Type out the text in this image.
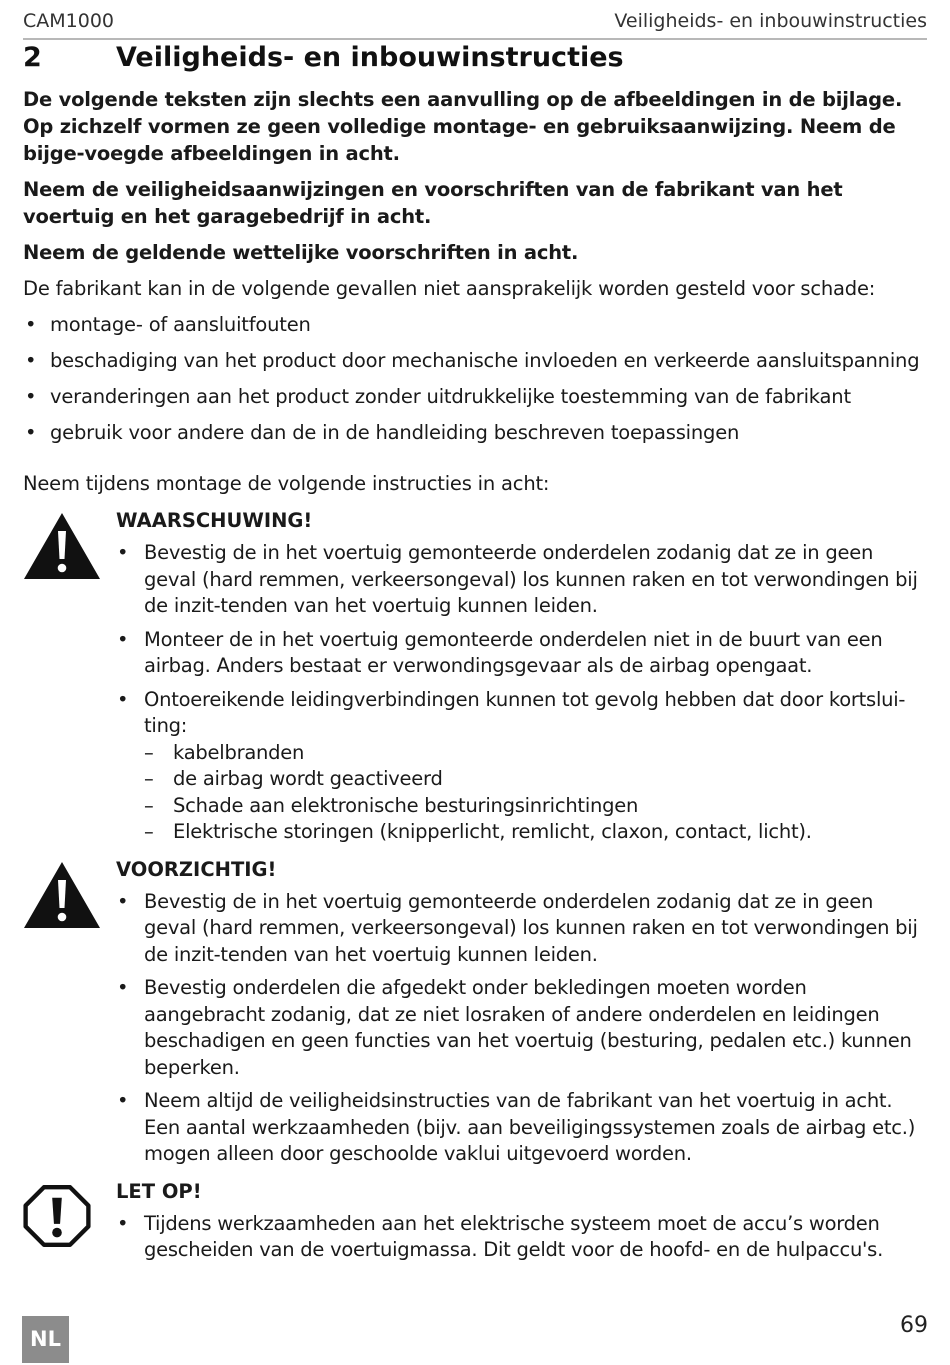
CAM1000	Veiligheids- en inbouwinstructies
2	Veiligheids- en inbouwinstructies

De volgende teksten zijn slechts een aanvulling op de afbeeldingen in de bijlage. Op zichzelf vormen ze geen volledige montage- en gebruiksaanwijzing. Neem de bijge-voegde afbeeldingen in acht.

Neem de veiligheidsaanwijzingen en voorschriften van de fabrikant van het voertuig en het garagebedrijf in acht.

Neem de geldende wettelijke voorschriften in acht.

De fabrikant kan in de volgende gevallen niet aansprakelijk worden gesteld voor schade:

• montage- of aansluitfouten
• beschadiging van het product door mechanische invloeden en verkeerde aansluitspanning
• veranderingen aan het product zonder uitdrukkelijke toestemming van de fabrikant
• gebruik voor andere dan de in de handleiding beschreven toepassingen

Neem tijdens montage de volgende instructies in acht:

WAARSCHUWING!
• Bevestig de in het voertuig gemonteerde onderdelen zodanig dat ze in geen geval (hard remmen, verkeersongeval) los kunnen raken en tot verwondingen bij de inzit-tenden van het voertuig kunnen leiden.
• Monteer de in het voertuig gemonteerde onderdelen niet in de buurt van een airbag. Anders bestaat er verwondingsgevaar als de airbag opengaat.
• Ontoereikende leidingverbindingen kunnen tot gevolg hebben dat door kortslui-ting:
– kabelbranden
– de airbag wordt geactiveerd
– Schade aan elektronische besturingsinrichtingen
– Elektrische storingen (knipperlicht, remlicht, claxon, contact, licht).
VOORZICHTIG!
• Bevestig de in het voertuig gemonteerde onderdelen zodanig dat ze in geen geval (hard remmen, verkeersongeval) los kunnen raken en tot verwondingen bij de inzit-tenden van het voertuig kunnen leiden.
• Bevestig onderdelen die afgedekt onder bekledingen moeten worden aangebracht zodanig, dat ze niet losraken of andere onderdelen en leidingen beschadigen en geen functies van het voertuig (besturing, pedalen etc.) kunnen beperken.
• Neem altijd de veiligheidsinstructies van de fabrikant van het voertuig in acht. Een aantal werkzaamheden (bijv. aan beveiligingssystemen zoals de airbag etc.) mogen alleen door geschoolde vaklui uitgevoerd worden.
LET OP!
• Tijdens werkzaamheden aan het elektrische systeem moet de accu’s worden gescheiden van de voertuigmassa. Dit geldt voor de hoofd- en de hulpaccu's.
NL
69
